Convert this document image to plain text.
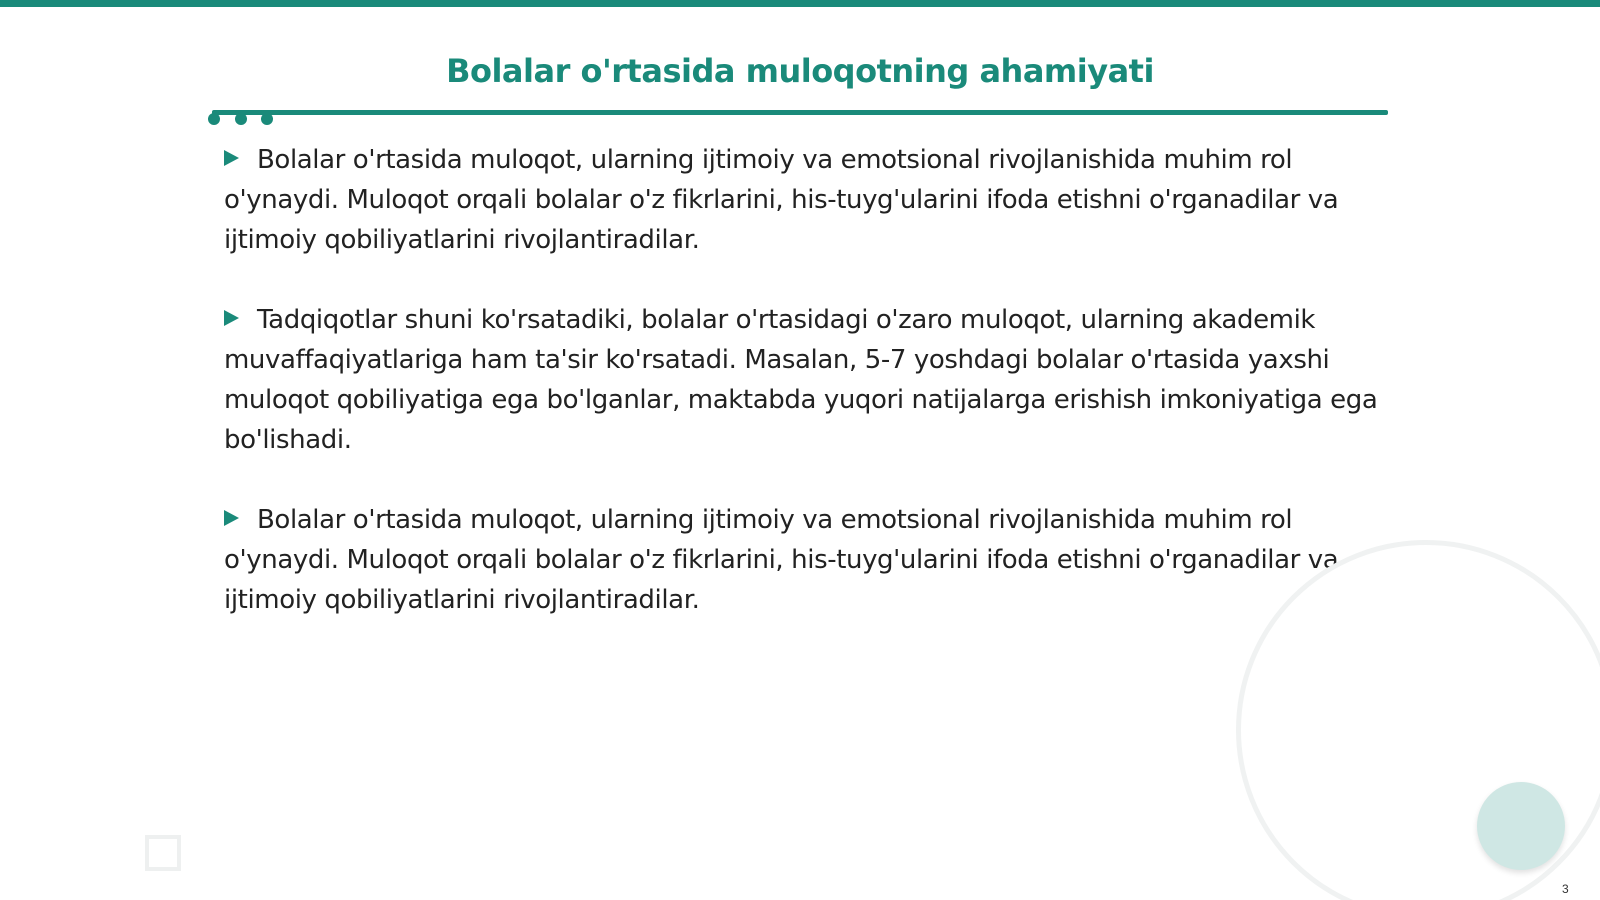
Bolalar o'rtasida muloqotning ahamiyati

Bolalar o'rtasida muloqot, ularning ijtimoiy va emotsional rivojlanishida muhim rol o'ynaydi. Muloqot orqali bolalar o'z fikrlarini, his-tuyg'ularini ifoda etishni o'rganadilar va ijtimoiy qobiliyatlarini rivojlantiradilar.

Tadqiqotlar shuni ko'rsatadiki, bolalar o'rtasidagi o'zaro muloqot, ularning akademik muvaffaqiyatlariga ham ta'sir ko'rsatadi. Masalan, 5-7 yoshdagi bolalar o'rtasida yaxshi muloqot qobiliyatiga ega bo'lganlar, maktabda yuqori natijalarga erishish imkoniyatiga ega bo'lishadi.

Bolalar o'rtasida muloqot, ularning ijtimoiy va emotsional rivojlanishida muhim rol o'ynaydi. Muloqot orqali bolalar o'z fikrlarini, his-tuyg'ularini ifoda etishni o'rganadilar va ijtimoiy qobiliyatlarini rivojlantiradilar.

3
